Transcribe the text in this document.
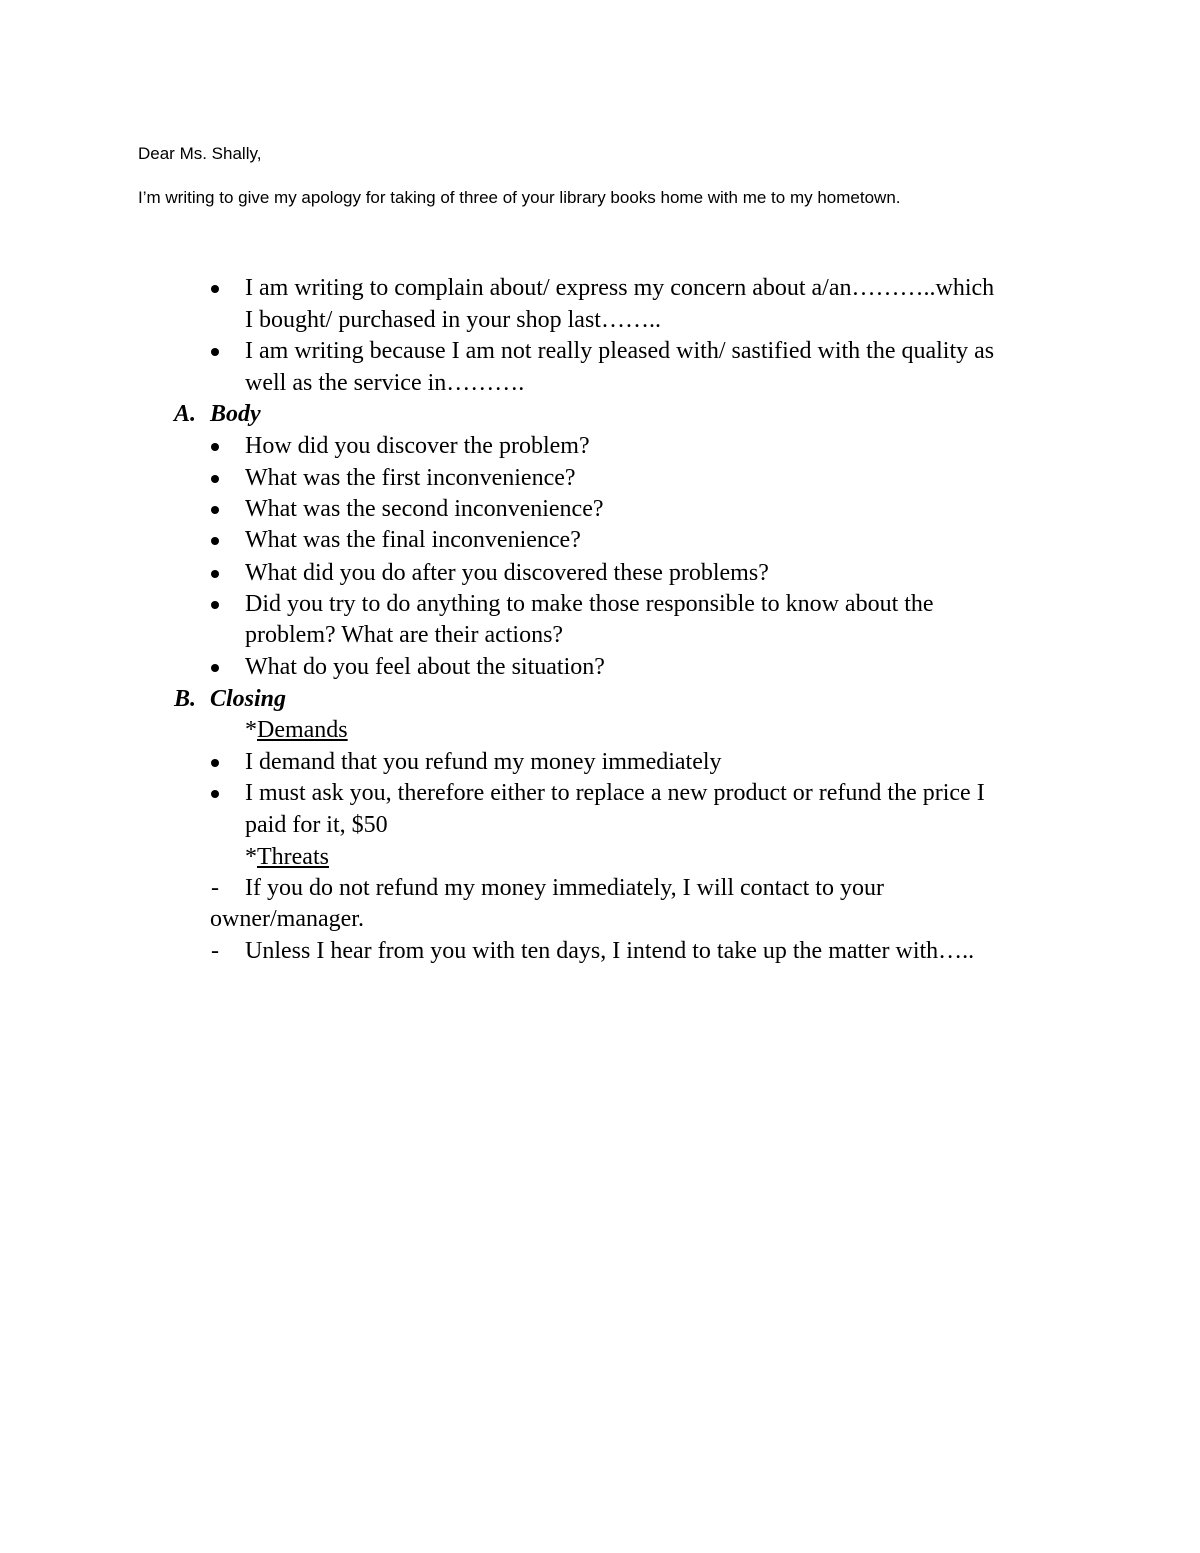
Dear Ms. Shally,
I’m writing to give my apology for taking of three of your library books home with me to my hometown.
I am writing to complain about/ express my concern about a/an………..which
I bought/ purchased in your shop last……..
I am writing because I am not really pleased with/ sastified with the quality as
well as the service in……….
A. Body
How did you discover the problem?
What was the first inconvenience?
What was the second inconvenience?
What was the final inconvenience?
What did you do after you discovered these problems?
Did you try to do anything to make those responsible to know about the
problem? What are their actions?
What do you feel about the situation?
B. Closing
*Demands
I demand that you refund my money immediately
I must ask you, therefore either to replace a new product or refund the price I
paid for it, $50
*Threats
- If you do not refund my money immediately, I will contact to your
owner/manager.
- Unless I hear from you with ten days, I intend to take up the matter with…..
